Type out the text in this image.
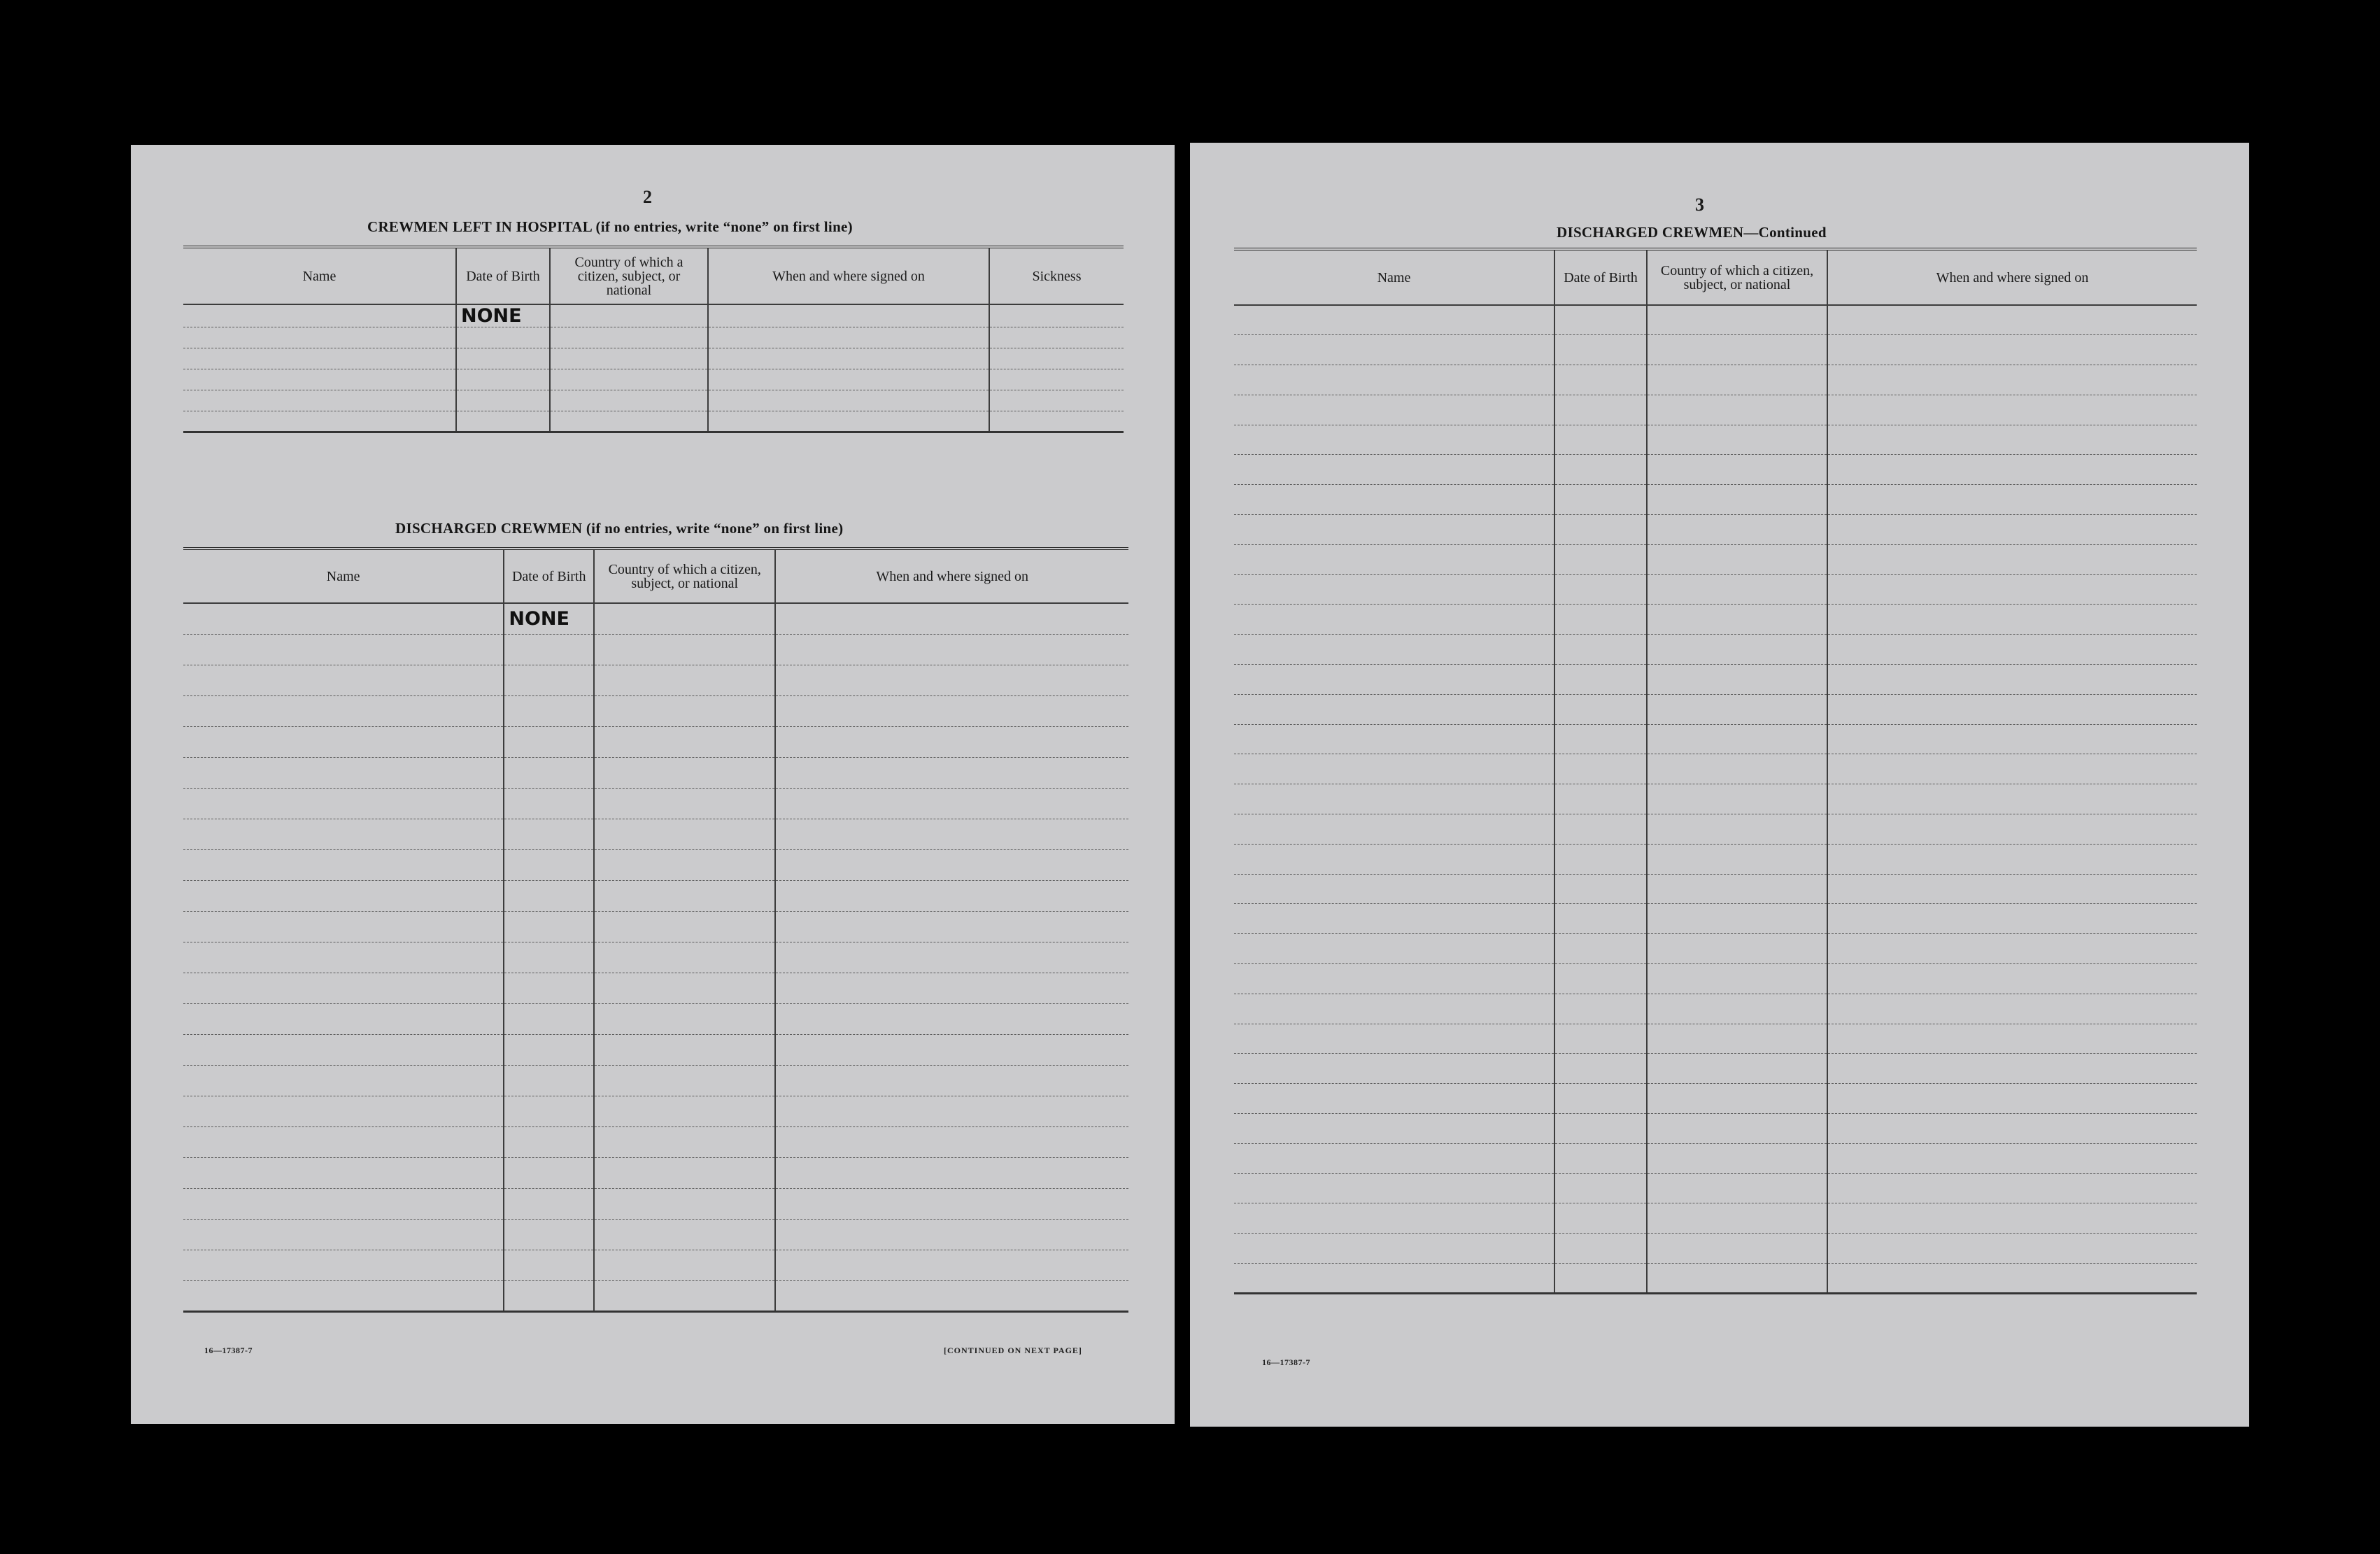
2
CREWMEN LEFT IN HOSPITAL (if no entries, write “none” on first line)
Name	Date of Birth	Country of which a citizen, subject, or national	When and where signed on	Sickness
	NONE			

DISCHARGED CREWMEN (if no entries, write “none” on first line)
Name	Date of Birth	Country of which a citizen, subject, or national	When and where signed on
	NONE		

16—17387-7	[CONTINUED ON NEXT PAGE]
3
DISCHARGED CREWMEN—Continued
Name	Date of Birth	Country of which a citizen, subject, or national	When and where signed on

16—17387-7
